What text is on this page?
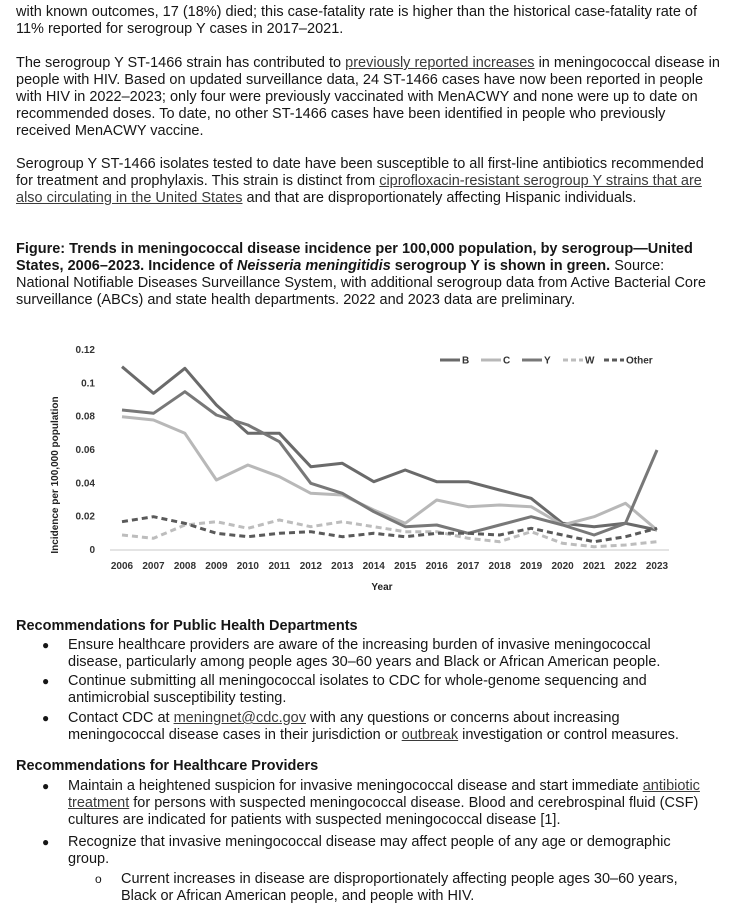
with known outcomes, 17 (18%) died; this case-fatality rate is higher than the historical case-fatality rate of 11% reported for serogroup Y cases in 2017–2021.

The serogroup Y ST-1466 strain has contributed to previously reported increases in meningococcal disease in people with HIV. Based on updated surveillance data, 24 ST-1466 cases have now been reported in people with HIV in 2022–2023; only four were previously vaccinated with MenACWY and none were up to date on recommended doses. To date, no other ST-1466 cases have been identified in people who previously received MenACWY vaccine.

Serogroup Y ST-1466 isolates tested to date have been susceptible to all first-line antibiotics recommended for treatment and prophylaxis. This strain is distinct from ciprofloxacin-resistant serogroup Y strains that are also circulating in the United States and that are disproportionately affecting Hispanic individuals.

Figure: Trends in meningococcal disease incidence per 100,000 population, by serogroup—United States, 2006–2023. Incidence of Neisseria meningitidis serogroup Y is shown in green. Source: National Notifiable Diseases Surveillance System, with additional serogroup data from Active Bacterial Core surveillance (ABCs) and state health departments. 2022 and 2023 data are preliminary.

0
0.02
0.04
0.06
0.08
0.1
0.12
2006 2007 2008 2009 2010 2011 2012 2013 2014 2015 2016 2017 2018 2019 2020 2021 2022 2023
B	C	Y	W	Other
Incidence per 100,000 population
Year
Recommendations for Public Health Departments
● Ensure healthcare providers are aware of the increasing burden of invasive meningococcal disease, particularly among people ages 30–60 years and Black or African American people.
● Continue submitting all meningococcal isolates to CDC for whole-genome sequencing and antimicrobial susceptibility testing.
● Contact CDC at meningnet@cdc.gov with any questions or concerns about increasing meningococcal disease cases in their jurisdiction or outbreak investigation or control measures.
Recommendations for Healthcare Providers
● Maintain a heightened suspicion for invasive meningococcal disease and start immediate antibiotic treatment for persons with suspected meningococcal disease. Blood and cerebrospinal fluid (CSF) cultures are indicated for patients with suspected meningococcal disease [1].
● Recognize that invasive meningococcal disease may affect people of any age or demographic group.
o Current increases in disease are disproportionately affecting people ages 30–60 years, Black or African American people, and people with HIV.
